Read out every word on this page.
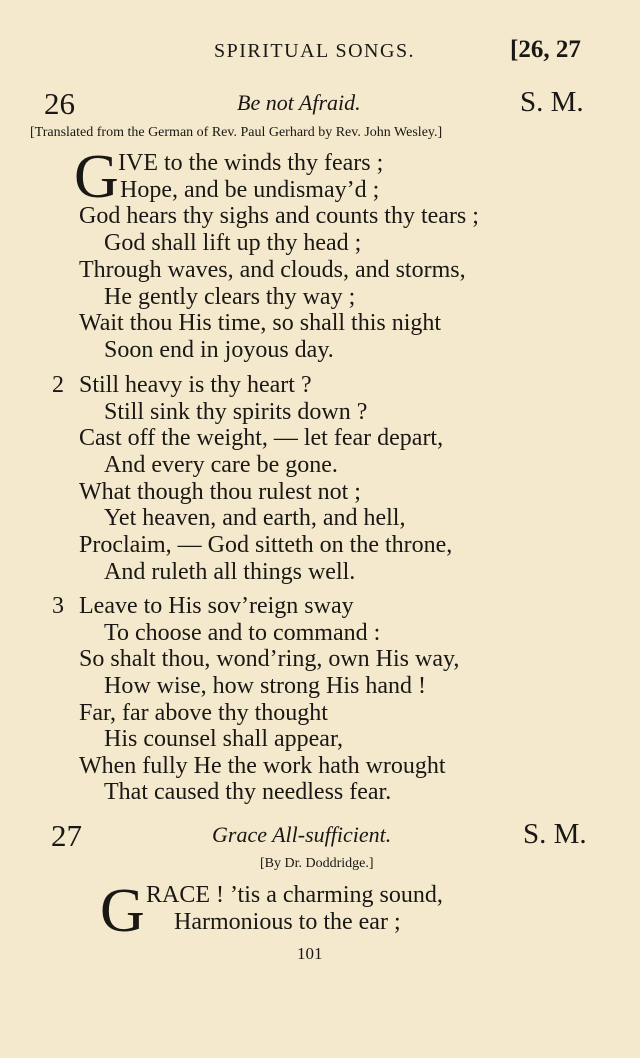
SPIRITUAL SONGS.	[26, 27
26	Be not Afraid.	S. M.
[Translated from the German of Rev. Paul Gerhard by Rev. John Wesley.]
G IVE to the winds thy fears ;
Hope, and be undismay’d ;
God hears thy sighs and counts thy tears ;
God shall lift up thy head ;
Through waves, and clouds, and storms,
He gently clears thy way ;
Wait thou His time, so shall this night
Soon end in joyous day.
2 Still heavy is thy heart ?
Still sink thy spirits down ?
Cast off the weight, — let fear depart,
And every care be gone.
What though thou rulest not ;
Yet heaven, and earth, and hell,
Proclaim, — God sitteth on the throne,
And ruleth all things well.
3 Leave to His sov’reign sway
To choose and to command :
So shalt thou, wond’ring, own His way,
How wise, how strong His hand !
Far, far above thy thought
His counsel shall appear,
When fully He the work hath wrought
That caused thy needless fear.
27	Grace All-sufficient.	S. M.
[By Dr. Doddridge.]
G RACE ! ’tis a charming sound,
Harmonious to the ear ;
101
